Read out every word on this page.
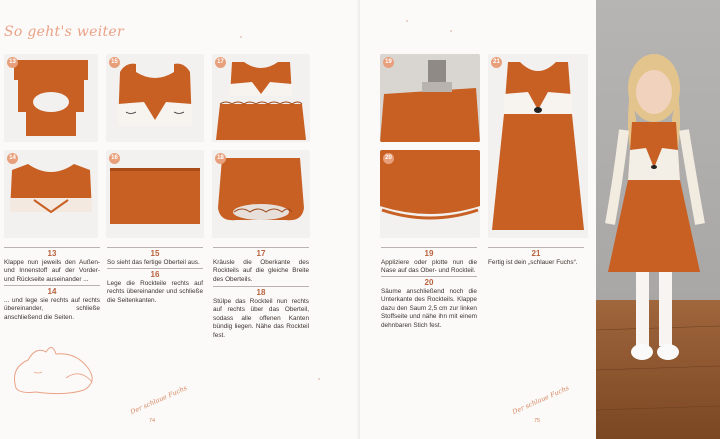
So geht's weiter
13	15	17
14	16	18
13
Klappe nun jeweils den Außen- und Innenstoff auf der Vorder- und Rückseite auseinander ...
14
... und lege sie rechts auf rechts übereinander, schließe anschließend die Seiten.
15
So sieht das fertige Oberteil aus.
16
Lege die Rockteile rechts auf rechts übereinander und schließe die Seitenkanten.
17
Kräusle die Oberkante des Rockteils auf die gleiche Breite des Oberteils.
18
Stülpe das Rockteil nun rechts auf rechts über das Oberteil, sodass alle offenen Kanten bündig liegen. Nähe das Rockteil fest.
Der schlaue Fuchs
74
19	21
20
19
Appliziere oder plotte nun die Nase auf das Ober- und Rockteil.
20
Säume anschließend noch die Unterkante des Rockteils. Klappe dazu den Saum 2,5 cm zur linken Stoffseite und nähe ihn mit einem dehnbaren Stich fest.
21
Fertig ist dein „schlauer Fuchs“.
Der schlaue Fuchs
75
